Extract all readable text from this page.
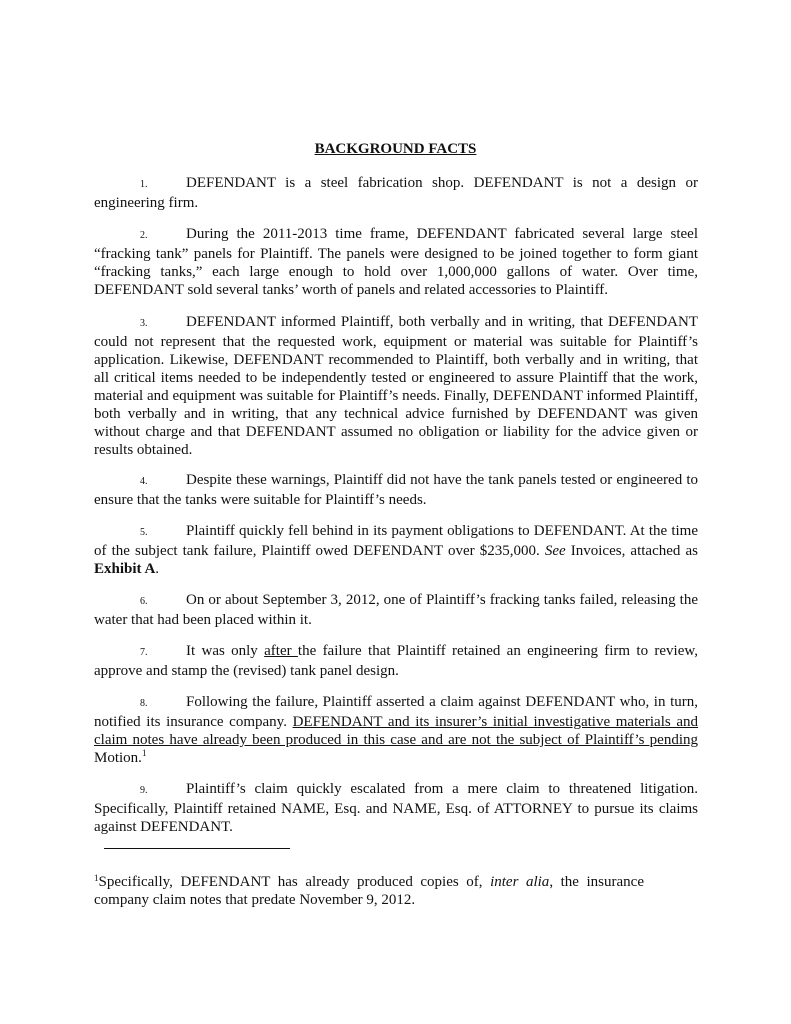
BACKGROUND FACTS
1.	DEFENDANT is a steel fabrication shop. DEFENDANT is not a design or engineering firm.
2.	During the 2011-2013 time frame, DEFENDANT fabricated several large steel “fracking tank” panels for Plaintiff. The panels were designed to be joined together to form giant “fracking tanks,” each large enough to hold over 1,000,000 gallons of water. Over time, DEFENDANT sold several tanks’ worth of panels and related accessories to Plaintiff.
3.	DEFENDANT informed Plaintiff, both verbally and in writing, that DEFENDANT could not represent that the requested work, equipment or material was suitable for Plaintiff’s application. Likewise, DEFENDANT recommended to Plaintiff, both verbally and in writing, that all critical items needed to be independently tested or engineered to assure Plaintiff that the work, material and equipment was suitable for Plaintiff’s needs. Finally, DEFENDANT informed Plaintiff, both verbally and in writing, that any technical advice furnished by DEFENDANT was given without charge and that DEFENDANT assumed no obligation or liability for the advice given or results obtained.
4.	Despite these warnings, Plaintiff did not have the tank panels tested or engineered to ensure that the tanks were suitable for Plaintiff’s needs.
5.	Plaintiff quickly fell behind in its payment obligations to DEFENDANT. At the time of the subject tank failure, Plaintiff owed DEFENDANT over $235,000. See Invoices, attached as Exhibit A.
6.	On or about September 3, 2012, one of Plaintiff’s fracking tanks failed, releasing the water that had been placed within it.
7.	It was only after the failure that Plaintiff retained an engineering firm to review, approve and stamp the (revised) tank panel design.
8.	Following the failure, Plaintiff asserted a claim against DEFENDANT who, in turn, notified its insurance company. DEFENDANT and its insurer’s initial investigative materials and claim notes have already been produced in this case and are not the subject of Plaintiff’s pending Motion.$^1$
9.	Plaintiff’s claim quickly escalated from a mere claim to threatened litigation. Specifically, Plaintiff retained NAME, Esq. and NAME, Esq. of ATTORNEY to pursue its claims against DEFENDANT.
$^1$Specifically, DEFENDANT has already produced copies of, inter alia, the insurance company claim notes that predate November 9, 2012.
